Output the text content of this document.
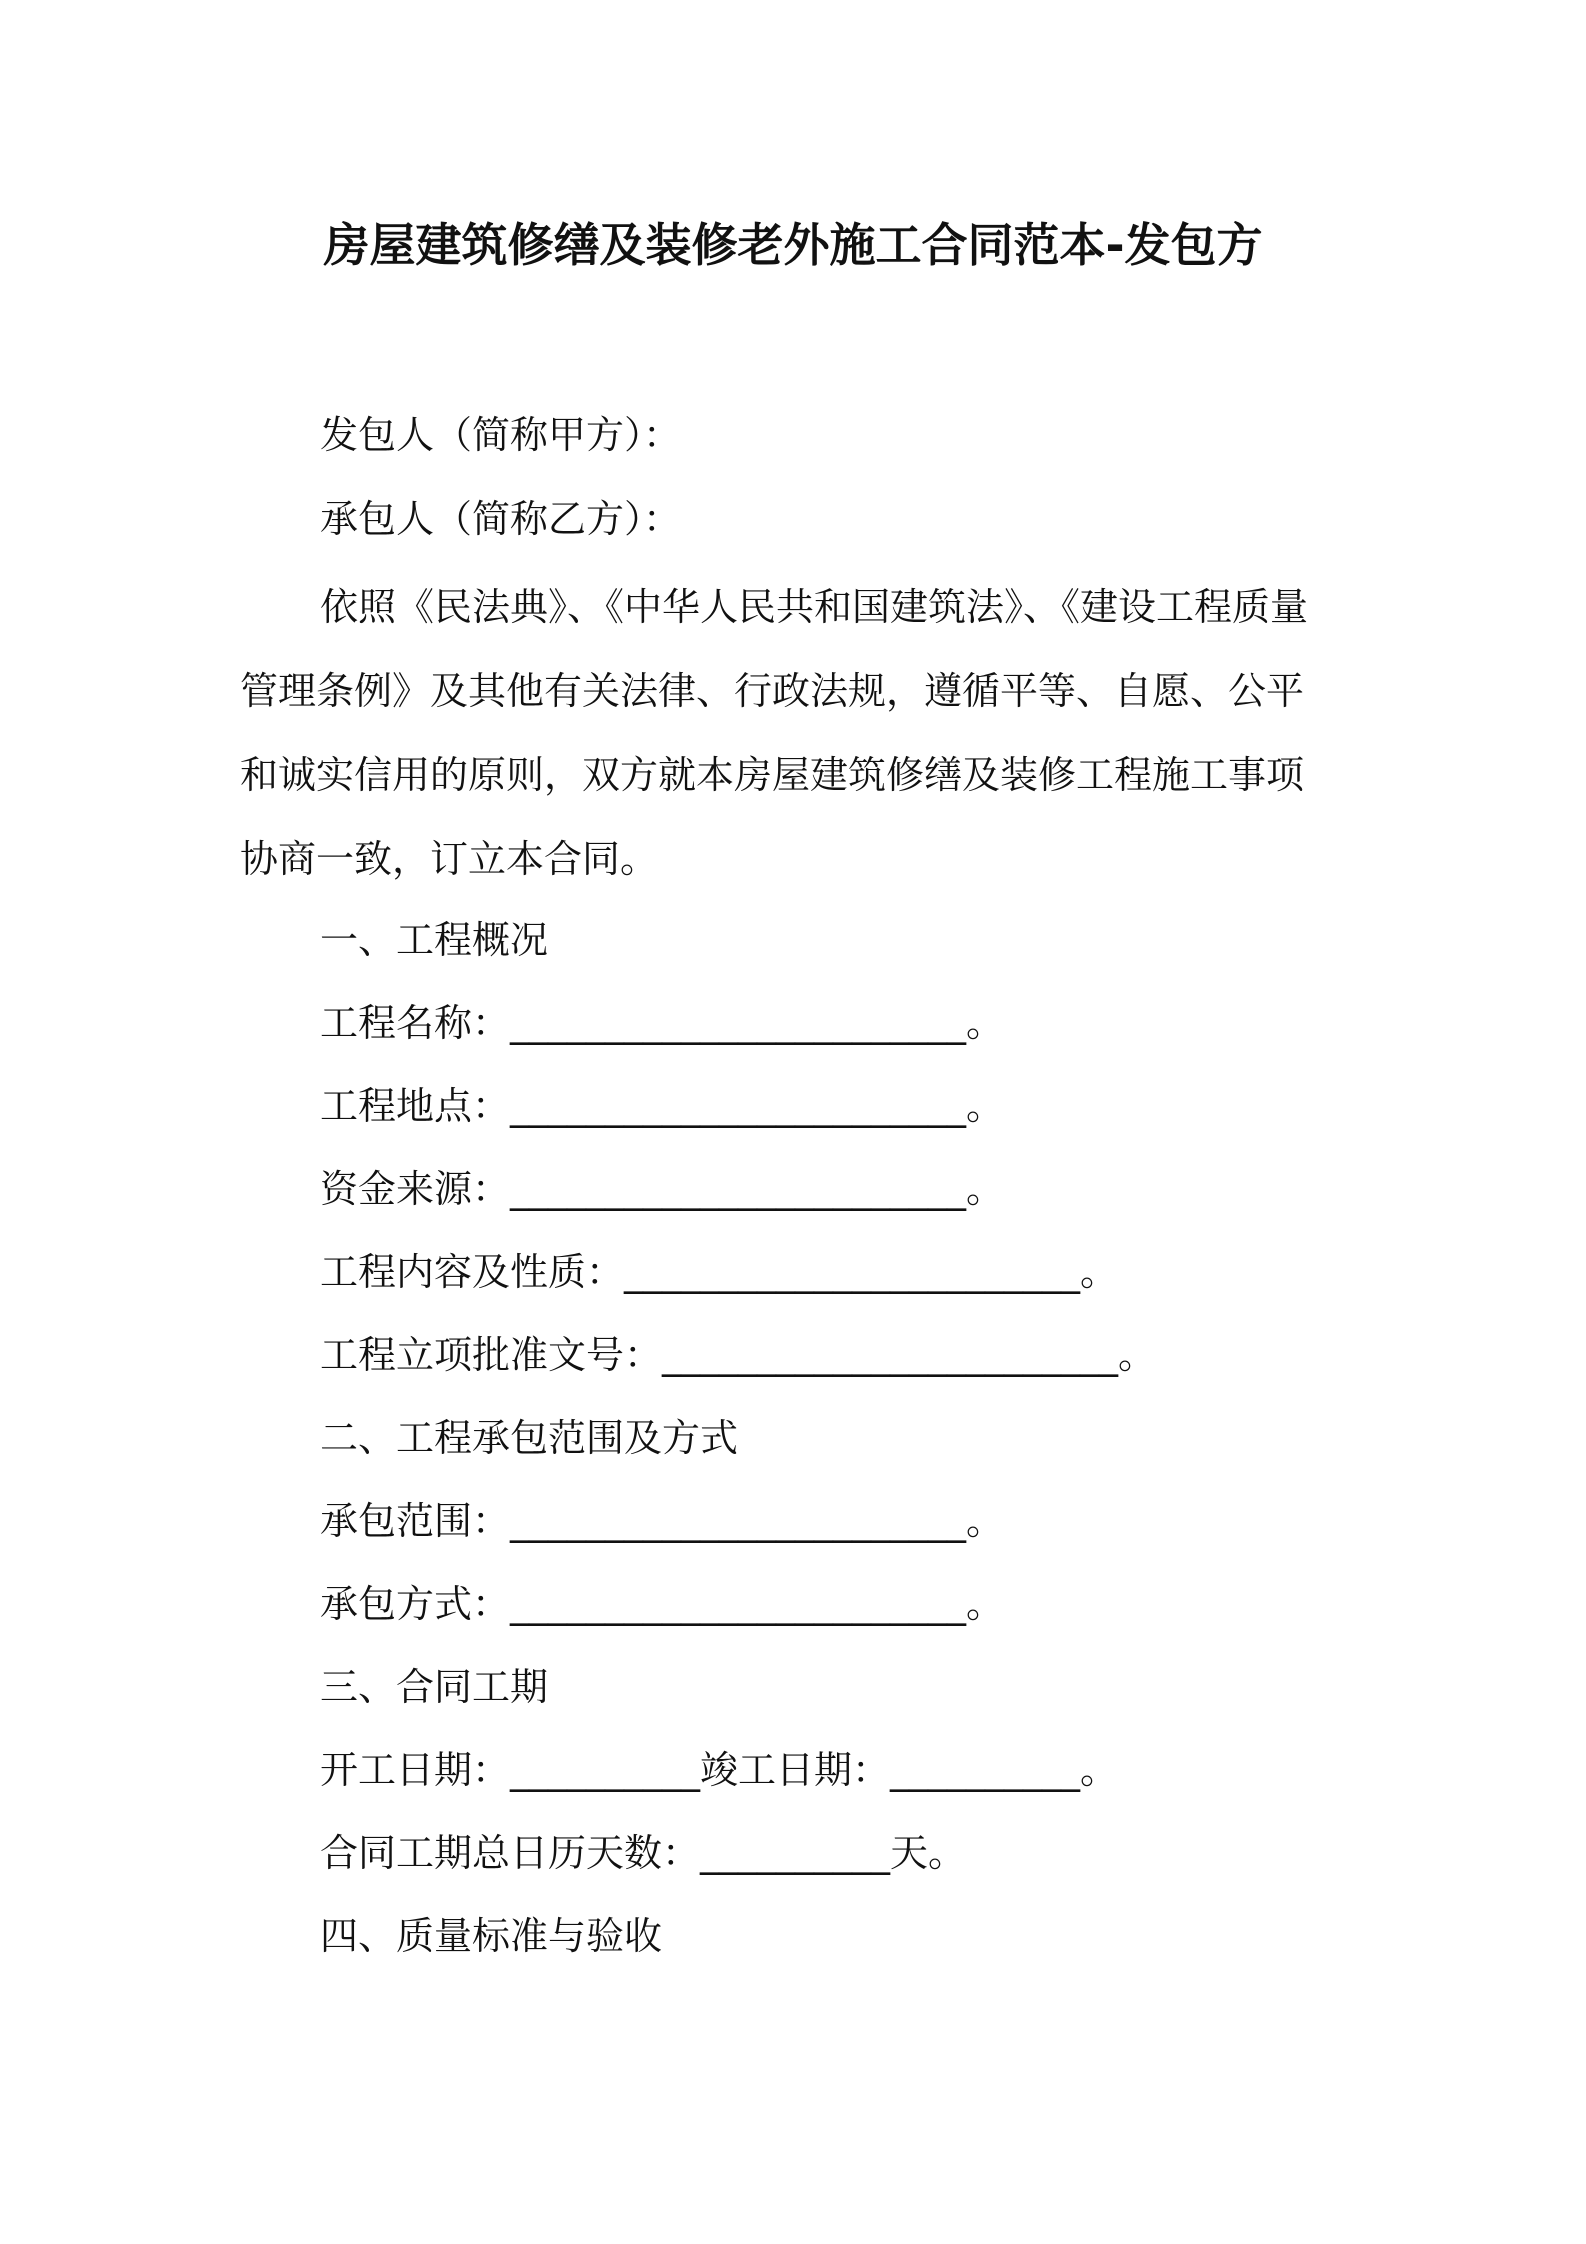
房屋建筑修缮及装修老外施工合同范本-发包方
发包人（简称甲方）：
承包人（简称乙方）：
依照《民法典》、《中华人民共和国建筑法》、《建设工程质量
管理条例》及其他有关法律、行政法规，遵循平等、自愿、公平
和诚实信用的原则，双方就本房屋建筑修缮及装修工程施工事项
协商一致，订立本合同。
一、工程概况
工程名称：________________________。
工程地点：________________________。
资金来源：________________________。
工程内容及性质：________________________。
工程立项批准文号：________________________。
二、工程承包范围及方式
承包范围：________________________。
承包方式：________________________。
三、合同工期
开工日期：__________竣工日期：__________。
合同工期总日历天数：__________天。
四、质量标准与验收
